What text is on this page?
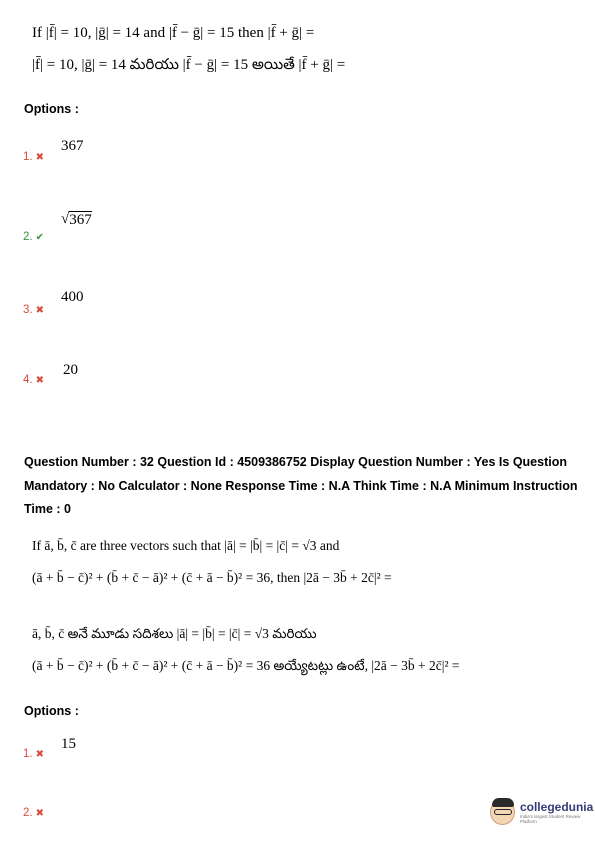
If |f̄| = 10, |ḡ| = 14 and |f̄ − ḡ| = 15 then |f̄ + ḡ| =
|f̄| = 10, |ḡ| = 14 మరియు |f̄ − ḡ| = 15 అయితే |f̄ + ḡ| =
Options :
367
1. ✖
√ 367
2. ✔
400
3. ✖
20
4. ✖
Question Number : 32 Question Id : 4509386752 Display Question Number : Yes Is Question
Mandatory : No Calculator : None Response Time : N.A Think Time : N.A Minimum Instruction
Time : 0
If ā, b̄, c̄ are three vectors such that |ā| = |b̄| = |c̄| = √3 and
(ā + b̄ − c̄)² + (b̄ + c̄ − ā)² + (c̄ + ā − b̄)² = 36, then |2ā − 3b̄ + 2c̄|² =
ā, b̄, c̄ అనే మూడు సదిశలు |ā| = |b̄| = |c̄| = √3 మరియు
(ā + b̄ − c̄)² + (b̄ + c̄ − ā)² + (c̄ + ā − b̄)² = 36 అయ్యేటట్లు ఉంటే, |2ā − 3b̄ + 2c̄|² =
Options :
15
1. ✖
2. ✖	collegedunia
India's largest Student Review Platform
